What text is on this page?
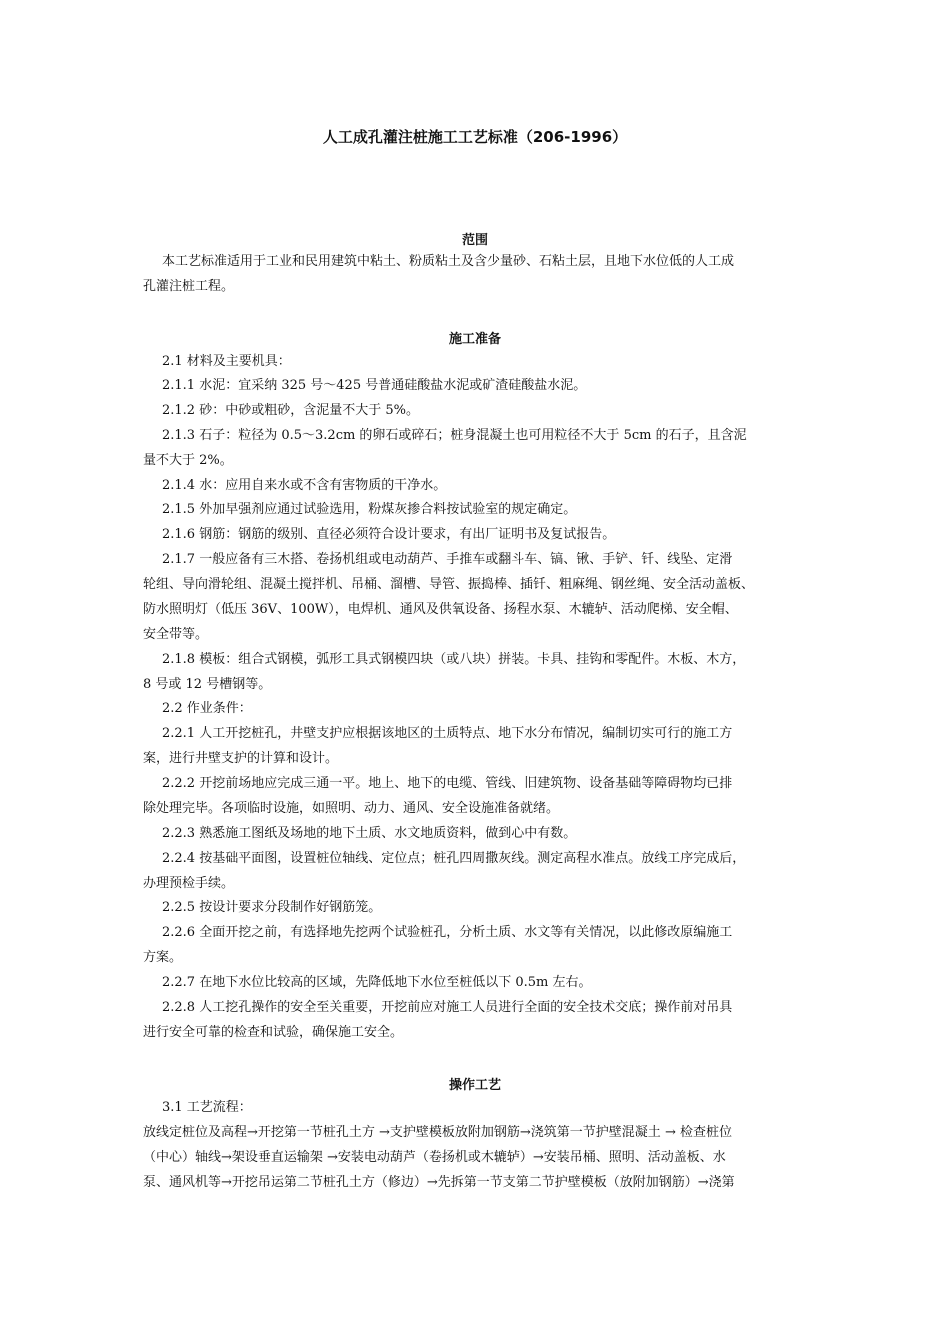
人工成孔灌注桩施工工艺标准（206-1996）
范围
本工艺标准适用于工业和民用建筑中粘土、粉质粘土及含少量砂、石粘土层，且地下水位低的人工成
孔灌注桩工程。
施工准备
2.1 材料及主要机具：
2.1.1 水泥：宜采纳 325 号～425 号普通硅酸盐水泥或矿渣硅酸盐水泥。
2.1.2 砂：中砂或粗砂，含泥量不大于 5%。
2.1.3 石子：粒径为 0.5～3.2cm 的卵石或碎石；桩身混凝土也可用粒径不大于 5cm 的石子，且含泥
量不大于 2%。
2.1.4 水：应用自来水或不含有害物质的干净水。
2.1.5 外加早强剂应通过试验选用，粉煤灰掺合料按试验室的规定确定。
2.1.6 钢筋：钢筋的级别、直径必须符合设计要求，有出厂证明书及复试报告。
2.1.7 一般应备有三木搭、卷扬机组或电动葫芦、手推车或翻斗车、镐、锹、手铲、钎、线坠、定滑
轮组、导向滑轮组、混凝土搅拌机、吊桶、溜槽、导管、振捣棒、插钎、粗麻绳、钢丝绳、安全活动盖板、
防水照明灯（低压 36V、100W），电焊机、通风及供氧设备、扬程水泵、木辘轳、活动爬梯、安全帽、
安全带等。
2.1.8 模板：组合式钢模，弧形工具式钢模四块（或八块）拼装。卡具、挂钩和零配件。木板、木方，
8 号或 12 号槽钢等。
2.2 作业条件：
2.2.1 人工开挖桩孔，井壁支护应根据该地区的土质特点、地下水分布情况，编制切实可行的施工方
案，进行井壁支护的计算和设计。
2.2.2 开挖前场地应完成三通一平。地上、地下的电缆、管线、旧建筑物、设备基础等障碍物均已排
除处理完毕。各项临时设施，如照明、动力、通风、安全设施准备就绪。
2.2.3 熟悉施工图纸及场地的地下土质、水文地质资料，做到心中有数。
2.2.4 按基础平面图，设置桩位轴线、定位点；桩孔四周撒灰线。测定高程水准点。放线工序完成后，
办理预检手续。
2.2.5 按设计要求分段制作好钢筋笼。
2.2.6 全面开挖之前，有选择地先挖两个试验桩孔，分析土质、水文等有关情况，以此修改原编施工
方案。
2.2.7 在地下水位比较高的区域，先降低地下水位至桩低以下 0.5m 左右。
2.2.8 人工挖孔操作的安全至关重要，开挖前应对施工人员进行全面的安全技术交底；操作前对吊具
进行安全可靠的检查和试验，确保施工安全。
操作工艺
3.1 工艺流程：
放线定桩位及高程→开挖第一节桩孔土方 →支护壁模板放附加钢筋→浇筑第一节护壁混凝土 → 检查桩位
（中心）轴线→架设垂直运输架 →安装电动葫芦（卷扬机或木辘轳）→安装吊桶、照明、活动盖板、水
泵、通风机等→开挖吊运第二节桩孔土方（修边）→先拆第一节支第二节护壁模板（放附加钢筋）→浇第
